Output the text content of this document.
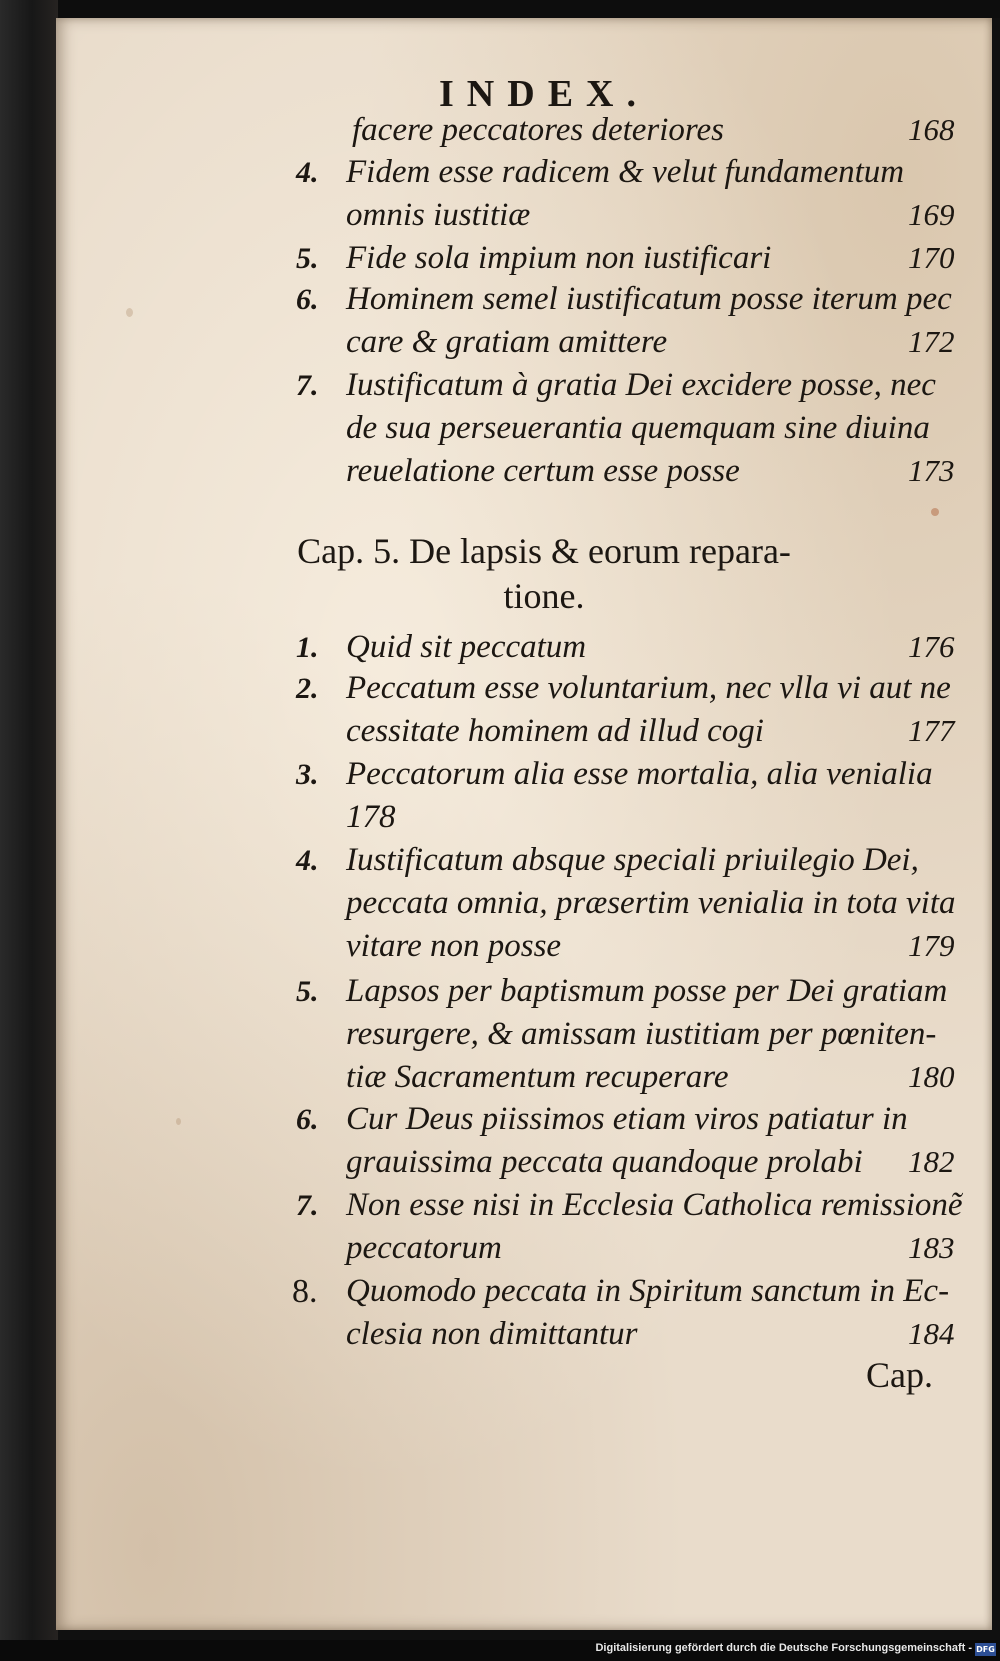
INDEX.
facere peccatores deteriores	168
4. Fidem esse radicem & velut fundamentum
omnis iustitiæ	169
5. Fide sola impium non iustificari	170
6. Hominem semel iustificatum posse iterum pec
care & gratiam amittere	172
7. Iustificatum à gratia Dei excidere posse, nec
de sua perseuerantia quemquam sine diuina
reuelatione certum esse posse	173
Cap. 5. De lapsis & eorum repara-
tione.
1. Quid sit peccatum	176
2. Peccatum esse voluntarium, nec vlla vi aut ne
cessitate hominem ad illud cogi	177
3. Peccatorum alia esse mortalia, alia venialia
178
4. Iustificatum absque speciali priuilegio Dei,
peccata omnia, præsertim venialia in tota vita
vitare non posse	179
5. Lapsos per baptismum posse per Dei gratiam
resurgere, & amissam iustitiam per pœniten-
tiæ Sacramentum recuperare	180
6. Cur Deus piissimos etiam viros patiatur in
grauissima peccata quandoque prolabi 182
7. Non esse nisi in Ecclesia Catholica remissionẽ
peccatorum	183
8. Quomodo peccata in Spiritum sanctum in Ec-
clesia non dimittantur	184
Cap.
Digitalisierung gefördert durch die Deutsche Forschungsgemeinschaft - DFG
